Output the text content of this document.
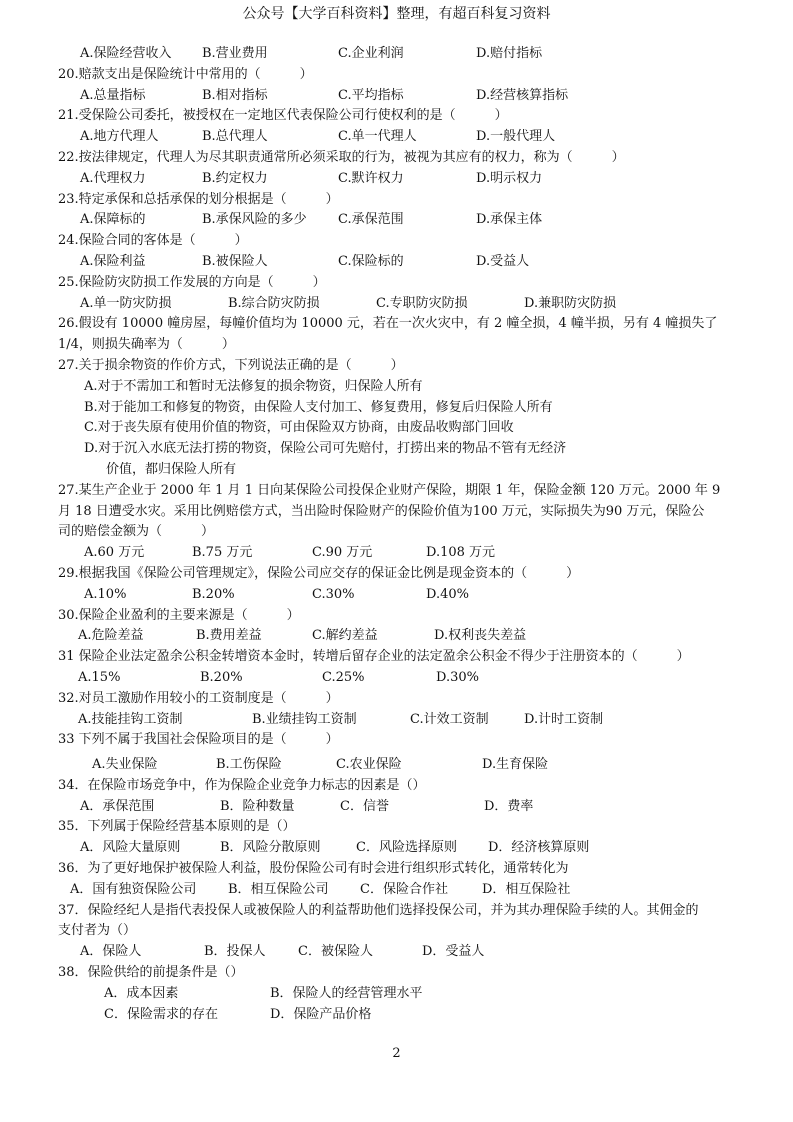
公众号【大学百科资料】整理，有超百科复习资料
A.保险经营收入 B.营业费用	C.企业利润	D.赔付指标
20.赔款支出是保险统计中常用的（　　　）
A.总量指标	B.相对指标	C.平均指标	D.经营核算指标
21.受保险公司委托，被授权在一定地区代表保险公司行使权利的是（　　　）
A.地方代理人	B.总代理人	C.单一代理人	D.一般代理人
22.按法律规定，代理人为尽其职责通常所必须采取的行为，被视为其应有的权力，称为（　　　）
A.代理权力	B.约定权力	C.默许权力	D.明示权力
23.特定承保和总括承保的划分根据是（　　　）
A.保障标的	B.承保风险的多少 C.承保范围	D.承保主体
24.保险合同的客体是（　　　）
A.保险利益	B.被保险人	C.保险标的	D.受益人
25.保险防灾防损工作发展的方向是（　　　）
A.单一防灾防损	B.综合防灾防损	C.专职防灾防损	D.兼职防灾防损
26.假设有 10000 幢房屋，每幢价值均为 10000 元，若在一次火灾中，有 2 幢全损，4 幢半损，另有 4 幢损失了
1/4，则损失确率为（　　　）
27.关于损余物资的作价方式，下列说法正确的是（　　　）
A.对于不需加工和暂时无法修复的损余物资，归保险人所有
B.对于能加工和修复的物资，由保险人支付加工、修复费用，修复后归保险人所有
C.对于丧失原有使用价值的物资，可由保险双方协商，由废品收购部门回收
D.对于沉入水底无法打捞的物资，保险公司可先赔付，打捞出来的物品不管有无经济
价值，都归保险人所有
27.某生产企业于 2000 年 1 月 1 日向某保险公司投保企业财产保险，期限 1 年，保险金额 120 万元。2000 年 9
月 18 日遭受水灾。采用比例赔偿方式，当出险时保险财产的保险价值为100 万元，实际损失为90 万元，保险公
司的赔偿金额为（　　　）
A.60 万元	B.75 万元	C.90 万元	D.108 万元
29.根据我国《保险公司管理规定》，保险公司应交存的保证金比例是现金资本的（　　　）
A.10%	B.20%	C.30%	D.40%
30.保险企业盈利的主要来源是（　　　）
A.危险差益	B.费用差益	C.解约差益	D.权利丧失差益
31 保险企业法定盈余公积金转增资本金时，转增后留存企业的法定盈余公积金不得少于注册资本的（　　　）
A.15%	B.20%	C.25%	D.30%
32.对员工激励作用较小的工资制度是（　　　）
A.技能挂钩工资制	B.业绩挂钩工资制	C.计效工资制	D.计时工资制
33 下列不属于我国社会保险项目的是（　　　）
A.失业保险	B.工伤保险	C.农业保险	D.生育保险
34．在保险市场竞争中，作为保险企业竞争力标志的因素是（）
A．承保范围	B．险种数量	C．信誉	D．费率
35．下列属于保险经营基本原则的是（）
A．风险大量原则	B．风险分散原则	C．风险选择原则 D．经济核算原则
36．为了更好地保护被保险人利益，股份保险公司有时会进行组织形式转化，通常转化为
A．国有独资保险公司 B．相互保险公司 C．保险合作社	D．相互保险社
37．保险经纪人是指代表投保人或被保险人的利益帮助他们选择投保公司，并为其办理保险手续的人。其佣金的
支付者为（）
A．保险人	B．投保人 C．被保险人	D．受益人
38．保险供给的前提条件是（）
A．成本因素	B．保险人的经营管理水平
C．保险需求的存在	D．保险产品价格
2
